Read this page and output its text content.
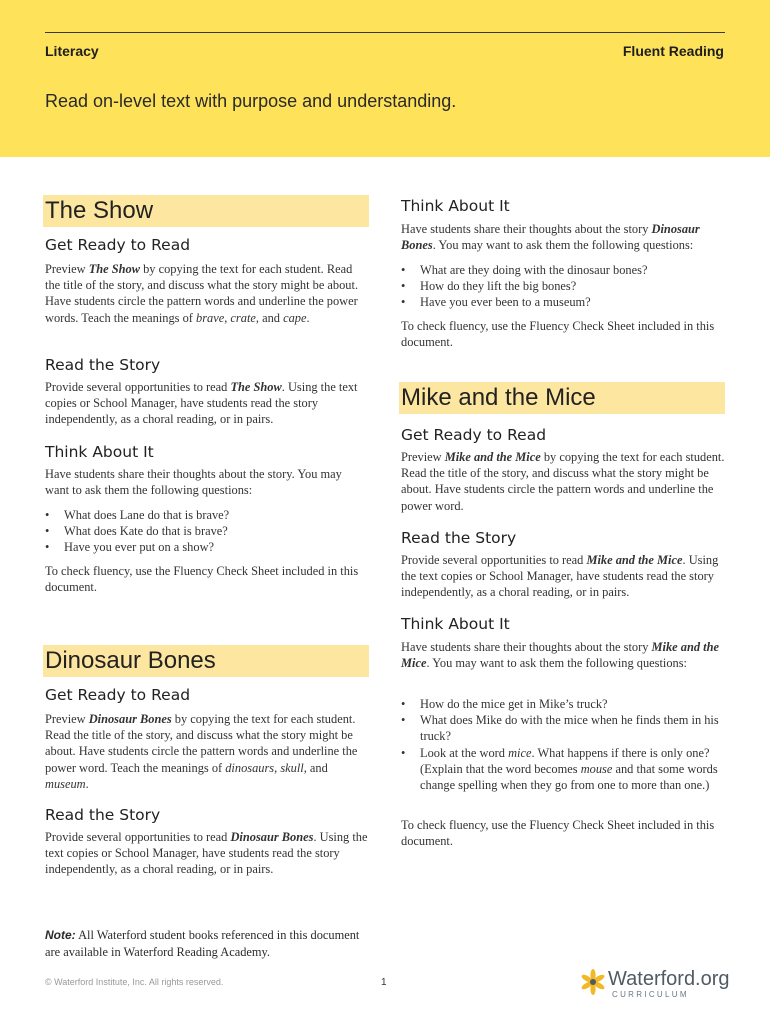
Literacy	Fluent Reading
Read on-level text with purpose and understanding.
The Show
Get Ready to Read

Preview The Show by copying the text for each student. Read the title of the story, and discuss what the story might be about. Have students circle the pattern words and underline the power words. Teach the meanings of brave, crate, and cape.

Read the Story

Provide several opportunities to read The Show. Using the text copies or School Manager, have students read the story independently, as a choral reading, or in pairs.

Think About It

Have students share their thoughts about the story. You may want to ask them the following questions:

• What does Lane do that is brave?
• What does Kate do that is brave?
• Have you ever put on a show?

To check fluency, use the Fluency Check Sheet included in this document.

Dinosaur Bones
Get Ready to Read

Preview Dinosaur Bones by copying the text for each student. Read the title of the story, and discuss what the story might be about. Have students circle the pattern words and underline the power word. Teach the meanings of dinosaurs, skull, and museum.

Read the Story

Provide several opportunities to read Dinosaur Bones. Using the text copies or School Manager, have students read the story independently, as a choral reading, or in pairs.

Think About It

Have students share their thoughts about the story Dinosaur Bones. You may want to ask them the following questions:

• What are they doing with the dinosaur bones?
• How do they lift the big bones?
• Have you ever been to a museum?

To check fluency, use the Fluency Check Sheet included in this document.

Mike and the Mice
Get Ready to Read

Preview Mike and the Mice by copying the text for each student. Read the title of the story, and discuss what the story might be about. Have students circle the pattern words and underline the power word.

Read the Story

Provide several opportunities to read Mike and the Mice. Using the text copies or School Manager, have students read the story independently, as a choral reading, or in pairs.

Think About It

Have students share their thoughts about the story Mike and the Mice. You may want to ask them the following questions:

• How do the mice get in Mike’s truck?
• What does Mike do with the mice when he finds them in his truck?
• Look at the word mice. What happens if there is only one? (Explain that the word becomes mouse and that some words change spelling when they go from one to more than one.)

To check fluency, use the Fluency Check Sheet included in this document.

Note: All Waterford student books referenced in this document are available in Waterford Reading Academy.
© Waterford Institute, Inc. All rights reserved.	1	Waterford.org
CURRICULUM
